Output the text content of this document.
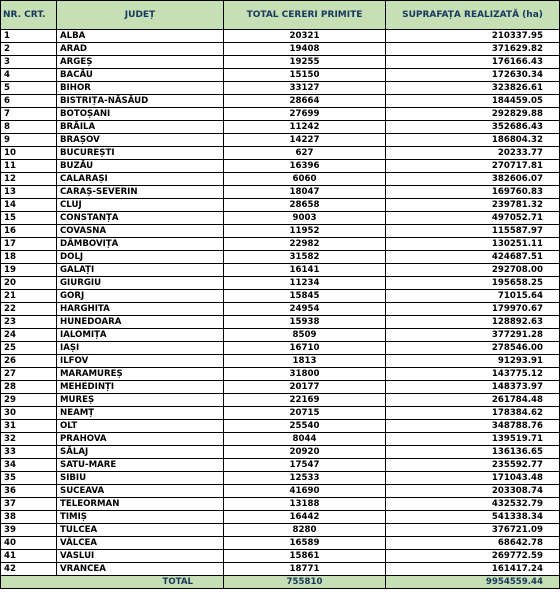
NR. CRT.	JUDEȚ	TOTAL CERERI PRIMITE	SUPRAFAȚA REALIZATĂ (ha)
1	ALBA	20321	210337.95
2	ARAD	19408	371629.82
3	ARGEȘ	19255	176166.43
4	BACĂU	15150	172630.34
5	BIHOR	33127	323826.61
6	BISTRIȚA-NĂSĂUD	28664	184459.05
7	BOTOȘANI	27699	292829.88
8	BRĂILA	11242	352686.43
9	BRAȘOV	14227	186804.32
10	BUCUREȘTI	627	20233.77
11	BUZĂU	16396	270717.81
12	CALARAȘI	6060	382606.07
13	CARAȘ-SEVERIN	18047	169760.83
14	CLUJ	28658	239781.32
15	CONSTANȚA	9003	497052.71
16	COVASNA	11952	115587.97
17	DÂMBOVIȚA	22982	130251.11
18	DOLJ	31582	424687.51
19	GALAȚI	16141	292708.00
20	GIURGIU	11234	195658.25
21	GORJ	15845	71015.64
22	HARGHITA	24954	179970.67
23	HUNEDOARA	15938	128892.63
24	IALOMIȚA	8509	377291.28
25	IAȘI	16710	278546.00
26	ILFOV	1813	91293.91
27	MARAMUREȘ	31800	143775.12
28	MEHEDINȚI	20177	148373.97
29	MUREȘ	22169	261784.48
30	NEAMȚ	20715	178384.62
31	OLT	25540	348788.76
32	PRAHOVA	8044	139519.71
33	SĂLAJ	20920	136136.65
34	SATU-MARE	17547	235592.77
35	SIBIU	12533	171043.48
36	SUCEAVA	41690	203308.74
37	TELEORMAN	13188	432532.79
38	TIMIȘ	16442	541338.34
39	TULCEA	8280	376721.09
40	VÂLCEA	16589	68642.78
41	VASLUI	15861	269772.59
42	VRANCEA	18771	161417.24
TOTAL		755810	9954559.44
